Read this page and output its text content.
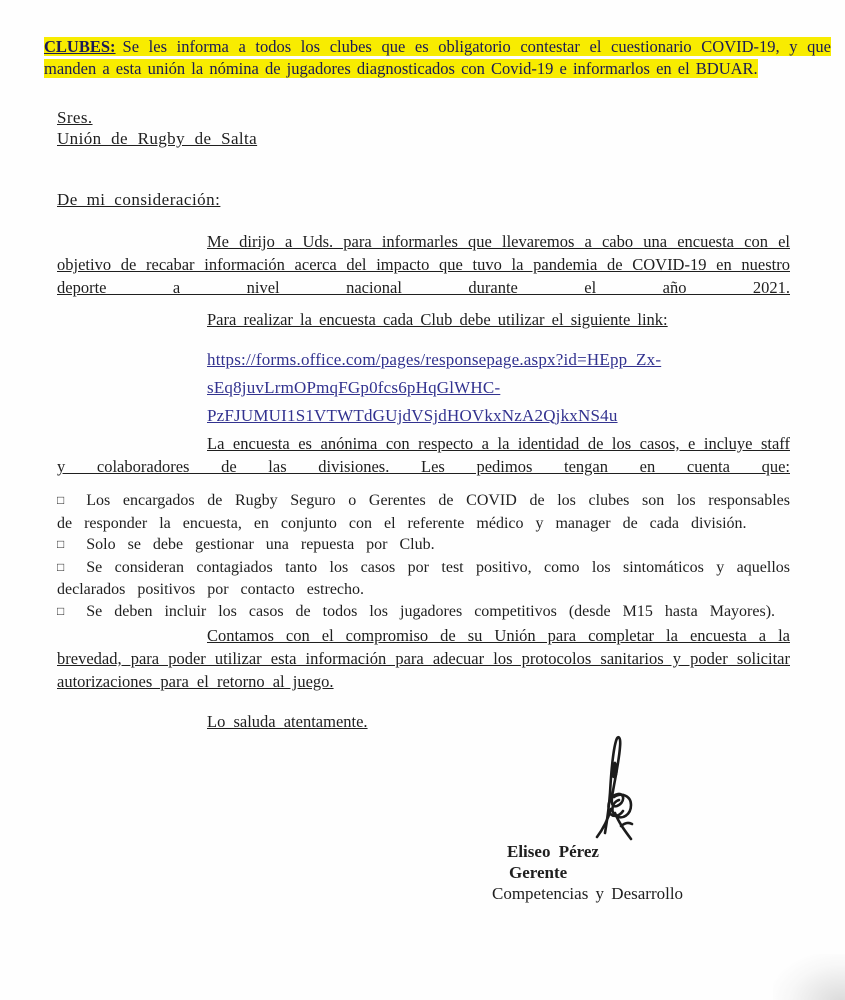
CLUBES: Se les informa a todos los clubes que es obligatorio contestar el cuestionario COVID-19, y que manden a esta unión la nómina de jugadores diagnosticados con Covid-19 e informarlos en el BDUAR.

Sres.
Unión de Rugby de Salta
De mi consideración:

Me dirijo a Uds. para informarles que llevaremos a cabo una encuesta con el objetivo de recabar información acerca del impacto que tuvo la pandemia de COVID-19 en nuestro deporte a nivel nacional durante el año 2021.

Para realizar la encuesta cada Club debe utilizar el siguiente link:
https://forms.office.com/pages/responsepage.aspx?id=HEpp_Zx-
sEq8juvLrmOPmqFGp0fcs6pHqGlWHC-
PzFJUMUI1S1VTWTdGUjdVSjdHOVkxNzA2QjkxNS4u

La encuesta es anónima con respecto a la identidad de los casos, e incluye staff y colaboradores de las divisiones. Les pedimos tengan en cuenta que:

□ Los encargados de Rugby Seguro o Gerentes de COVID de los clubes son los responsables de responder la encuesta, en conjunto con el referente médico y manager de cada división.

□ Solo se debe gestionar una repuesta por Club.

□ Se consideran contagiados tanto los casos por test positivo, como los sintomáticos y aquellos declarados positivos por contacto estrecho.

□ Se deben incluir los casos de todos los jugadores competitivos (desde M15 hasta Mayores).

Contamos con el compromiso de su Unión para completar la encuesta a la brevedad, para poder utilizar esta información para adecuar los protocolos sanitarios y poder solicitar autorizaciones para el retorno al juego.

Lo saluda atentamente.
Eliseo Pérez
Gerente
Competencias y Desarrollo
